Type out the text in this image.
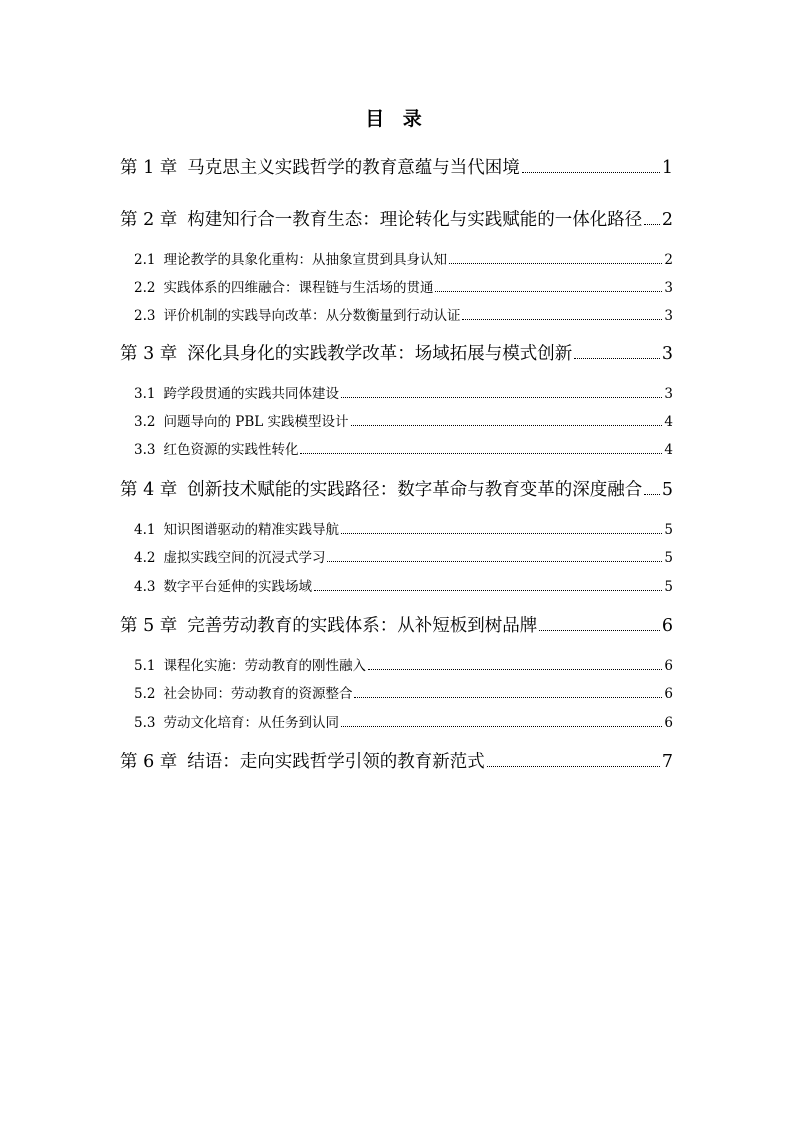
目 录
第 1 章 马克思主义实践哲学的教育意蕴与当代困境	1
第 2 章 构建知行合一教育生态：理论转化与实践赋能的一体化路径 2
2.1 理论教学的具象化重构：从抽象宣贯到具身认知	2
2.2 实践体系的四维融合：课程链与生活场的贯通	3
2.3 评价机制的实践导向改革：从分数衡量到行动认证	3
第 3 章 深化具身化的实践教学改革：场域拓展与模式创新	3
3.1 跨学段贯通的实践共同体建设	3
3.2 问题导向的 PBL 实践模型设计	4
3.3 红色资源的实践性转化	4
第 4 章 创新技术赋能的实践路径：数字革命与教育变革的深度融合 5
4.1 知识图谱驱动的精准实践导航	5
4.2 虚拟实践空间的沉浸式学习	5
4.3 数字平台延伸的实践场域	5
第 5 章 完善劳动教育的实践体系：从补短板到树品牌	6
5.1 课程化实施：劳动教育的刚性融入	6
5.2 社会协同：劳动教育的资源整合	6
5.3 劳动文化培育：从任务到认同	6
第 6 章 结语：走向实践哲学引领的教育新范式	7
